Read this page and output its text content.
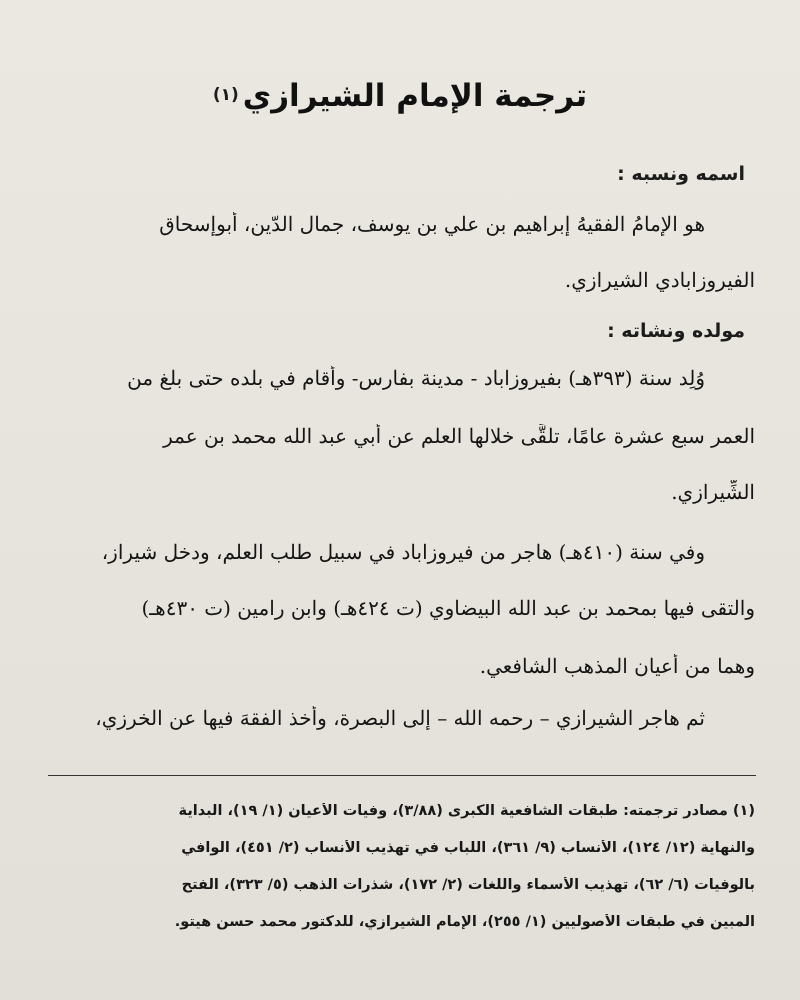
ترجمة الإمام الشيرازي(١)
اسمه ونسبه :
هو الإمامُ الفقيهُ إبراهيم بن علي بن يوسف، جمال الدّين، أبوإسحاق
الفيروزابادي الشيرازي.
مولده ونشاته :
وُلِد سنة (٣٩٣هـ) بفيروزاباد - مدينة بفارس- وأقام في بلده حتى بلغ من
العمر سبع عشرة عامًا، تلقَّى خلالها العلم عن أبي عبد الله محمد بن عمر
الشِّيرازي.
وفي سنة (٤١٠هـ) هاجر من فيروزاباد في سبيل طلب العلم، ودخل شيراز،
والتقى فيها بمحمد بن عبد الله البيضاوي (ت ٤٢٤هـ) وابن رامين (ت ٤٣٠هـ)
وهما من أعيان المذهب الشافعي.
ثم هاجر الشيرازي – رحمه الله – إلى البصرة، وأخذ الفقهَ فيها عن الخرزي،
(١) مصادر ترجمته: طبقات الشافعية الكبرى (٣/٨٨)، وفيات الأعيان (١/ ١٩)، البداية
والنهاية (١٢/ ١٢٤)، الأنساب (٩/ ٣٦١)، اللباب في تهذيب الأنساب (٢/ ٤٥١)، الوافي
بالوفيات (٦/ ٦٢)، تهذيب الأسماء واللغات (٢/ ١٧٢)، شذرات الذهب (٥/ ٣٢٣)، الفتح
المبين في طبقات الأصوليين (١/ ٢٥٥)، الإمام الشيرازي، للدكتور محمد حسن هيتو.
